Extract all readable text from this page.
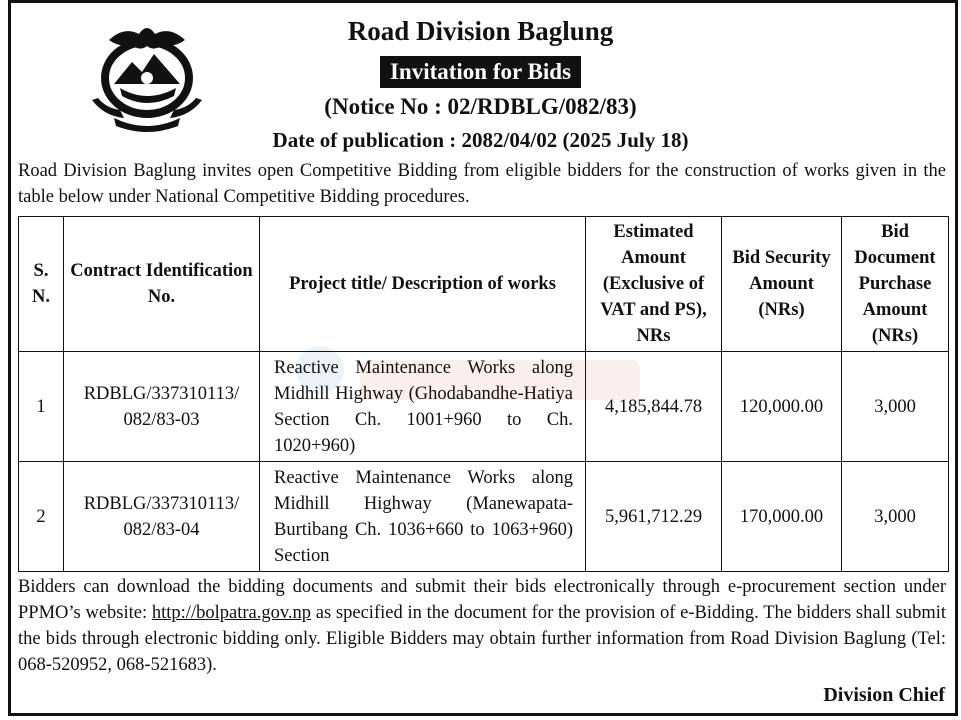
Road Division Baglung
Invitation for Bids
(Notice No : 02/RDBLG/082/83)
Date of publication : 2082/04/02 (2025 July 18)
Road Division Baglung invites open Competitive Bidding from eligible bidders for the construction of works given in the table below under National Competitive Bidding procedures.
S. N.	Contract Identification No.	Project title/ Description of works	Estimated Amount (Exclusive of VAT and PS), NRs	Bid Security Amount (NRs)	Bid Document Purchase Amount (NRs)
1	RDBLG/337310113/ 082/83-03	Reactive Maintenance Works along Midhill Highway (Ghodabandhe-Hatiya Section Ch. 1001+960 to Ch. 1020+960)	4,185,844.78	120,000.00	3,000
2	RDBLG/337310113/ 082/83-04	Reactive Maintenance Works along Midhill Highway (Manewapata-Burtibang Ch. 1036+660 to 1063+960) Section	5,961,712.29	170,000.00	3,000
Bidders can download the bidding documents and submit their bids electronically through e-procurement section under PPMO’s website: http://bolpatra.gov.np as specified in the document for the provision of e-Bidding. The bidders shall submit the bids through electronic bidding only. Eligible Bidders may obtain further information from Road Division Baglung (Tel: 068-520952, 068-521683).
Division Chief
